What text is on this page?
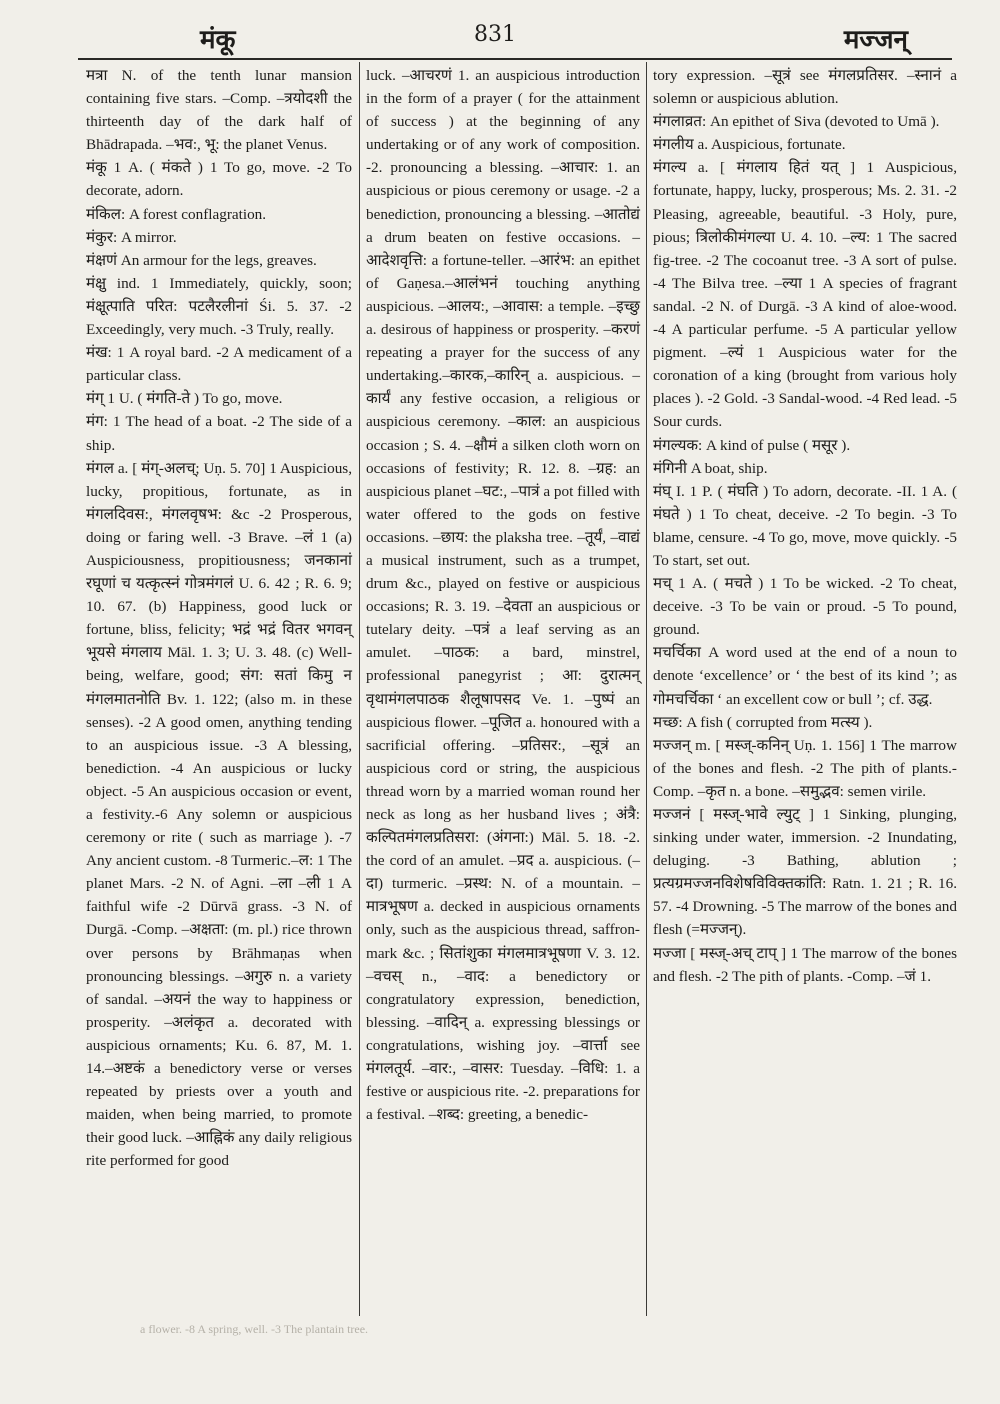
मंकू	831	मज्जन्

मत्रा N. of the tenth lunar mansion containing five stars. –Comp. –त्रयोदशी the thirteenth day of the dark half of Bhādrapada. –भव:, भू: the planet Venus.

मंकू 1 A. ( मंकते ) 1 To go, move. -2 To decorate, adorn.

मंकिल: A forest conflagration.

मंकुर: A mirror.

मंक्षणं An armour for the legs, greaves.

मंक्षु ind. 1 Immediately, quickly, soon; मंक्षूत्पाति परित: पटलैरलीनां Śi. 5. 37. -2 Exceedingly, very much. -3 Truly, really.

मंख: 1 A royal bard. -2 A medicament of a particular class.

मंग् 1 U. ( मंगति-ते ) To go, move.

मंग: 1 The head of a boat. -2 The side of a ship.

मंगल a. [ मंग्-अलच्; Uṇ. 5. 70] 1 Auspicious, lucky, propitious, fortunate, as in मंगलदिवस:, मंगलवृषभ: &c -2 Prosperous, doing or faring well. -3 Brave. –लं 1 (a) Auspiciousness, propitiousness; जनकानां रघूणां च यत्कृत्स्नं गोत्रमंगलं U. 6. 42 ; R. 6. 9; 10. 67. (b) Happiness, good luck or fortune, bliss, felicity; भद्रं भद्रं वितर भगवन् भूयसे मंगलाय Māl. 1. 3; U. 3. 48. (c) Well-being, welfare, good; संग: सतां किमु न मंगलमातनोति Bv. 1. 122; (also m. in these senses). -2 A good omen, anything tending to an auspicious issue. -3 A blessing, benediction. -4 An auspicious or lucky object. -5 An auspicious occasion or event, a festivity.-6 Any solemn or auspicious ceremony or rite ( such as marriage ). -7 Any ancient custom. -8 Turmeric.–ल: 1 The planet Mars. -2 N. of Agni. –ला –ली 1 A faithful wife -2 Dūrvā grass. -3 N. of Durgā. -Comp. –अक्षता: (m. pl.) rice thrown over persons by Brāhmaṇas when pronouncing blessings. –अगुरु n. a variety of sandal. –अयनं the way to happiness or prosperity. –अलंकृत a. decorated with auspicious ornaments; Ku. 6. 87, M. 1. 14.–अष्टकं a benedictory verse or verses repeated by priests over a youth and maiden, when being married, to promote their good luck. –आह्निकं any daily religious rite performed for good

luck. –आचरणं 1. an auspicious introduction in the form of a prayer ( for the attainment of success ) at the beginning of any undertaking or of any work of composition. -2. pronouncing a blessing. –आचार: 1. an auspicious or pious ceremony or usage. -2 a benediction, pronouncing a blessing. –आतोद्यं a drum beaten on festive occasions. –आदेशवृत्ति: a fortune-teller. –आरंभ: an epithet of Gaṇesa.–आलंभनं touching anything auspicious. –आलय:, –आवास: a temple. –इच्छु a. desirous of happiness or prosperity. –करणं repeating a prayer for the success of any undertaking.–कारक,–कारिन् a. auspicious. –कार्यं any festive occasion, a religious or auspicious ceremony. –काल: an auspicious occasion ; S. 4. –क्षौमं a silken cloth worn on occasions of festivity; R. 12. 8. –ग्रह: an auspicious planet –घट:, –पात्रं a pot filled with water offered to the gods on festive occasions. –छाय: the plaksha tree. –तूर्यं, –वाद्यं a musical instrument, such as a trumpet, drum &c., played on festive or auspicious occasions; R. 3. 19. –देवता an auspicious or tutelary deity. –पत्रं a leaf serving as an amulet. –पाठक: a bard, minstrel, professional panegyrist ; आ: दुरात्मन् वृथामंगलपाठक शैलूषापसद Ve. 1. –पुष्पं an auspicious flower. –पूजित a. honoured with a sacrificial offering. –प्रतिसर:, –सूत्रं an auspicious cord or string, the auspicious thread worn by a married woman round her neck as long as her husband lives ; अंत्रै: कल्पितमंगलप्रतिसरा: (अंगना:) Māl. 5. 18. -2. the cord of an amulet. –प्रद a. auspicious. (–दा) turmeric. –प्रस्थ: N. of a mountain. –मात्रभूषण a. decked in auspicious ornaments only, such as the auspicious thread, saffron-mark &c. ; सितांशुका मंगलमात्रभूषणा V. 3. 12. –वचस् n., –वाद: a benedictory or congratulatory expression, benediction, blessing. –वादिन् a. expressing blessings or congratulations, wishing joy. –वार्त्ता see मंगलतूर्य. –वार:, –वासर: Tuesday. –विधि: 1. a festive or auspicious rite. -2. preparations for a festival. –शब्द: greeting, a benedic-

tory expression. –सूत्रं see मंगलप्रतिसर. –स्नानं a solemn or auspicious ablution.

मंगलाव्रत: An epithet of Siva (devoted to Umā ).

मंगलीय a. Auspicious, fortunate.

मंगल्य a. [ मंगलाय हितं यत् ] 1 Auspicious, fortunate, happy, lucky, prosperous; Ms. 2. 31. -2 Pleasing, agreeable, beautiful. -3 Holy, pure, pious; त्रिलोकीमंगल्या U. 4. 10. –ल्य: 1 The sacred fig-tree. -2 The cocoanut tree. -3 A sort of pulse. -4 The Bilva tree. –ल्या 1 A species of fragrant sandal. -2 N. of Durgā. -3 A kind of aloe-wood. -4 A particular perfume. -5 A particular yellow pigment. –ल्यं 1 Auspicious water for the coronation of a king (brought from various holy places ). -2 Gold. -3 Sandal-wood. -4 Red lead. -5 Sour curds.

मंगल्यक: A kind of pulse ( मसूर ).

मंगिनी A boat, ship.

मंघ् I. 1 P. ( मंघति ) To adorn, decorate. -II. 1 A. ( मंघते ) 1 To cheat, deceive. -2 To begin. -3 To blame, censure. -4 To go, move, move quickly. -5 To start, set out.

मच् 1 A. ( मचते ) 1 To be wicked. -2 To cheat, deceive. -3 To be vain or proud. -5 To pound, ground.

मचर्चिका A word used at the end of a noun to denote ‘excellence’ or ‘ the best of its kind ’; as गोमचर्चिका ‘ an excellent cow or bull ’; cf. उद्ध.

मच्छ: A fish ( corrupted from मत्स्य ).

मज्जन् m. [ मस्ज्-कनिन् Uṇ. 1. 156] 1 The marrow of the bones and flesh. -2 The pith of plants.-Comp. –कृत n. a bone. –समुद्भव: semen virile.

मज्जनं [ मस्ज्-भावे ल्युट् ] 1 Sinking, plunging, sinking under water, immersion. -2 Inundating, deluging. -3 Bathing, ablution ; प्रत्यग्रमज्जनविशेषविविक्तकांति: Ratn. 1. 21 ; R. 16. 57. -4 Drowning. -5 The marrow of the bones and flesh (=मज्जन्).

मज्जा [ मस्ज्-अच् टाप् ] 1 The marrow of the bones and flesh. -2 The pith of plants. -Comp. –जं 1.

a flower. -8 A spring, well. -3 The plantain tree.
